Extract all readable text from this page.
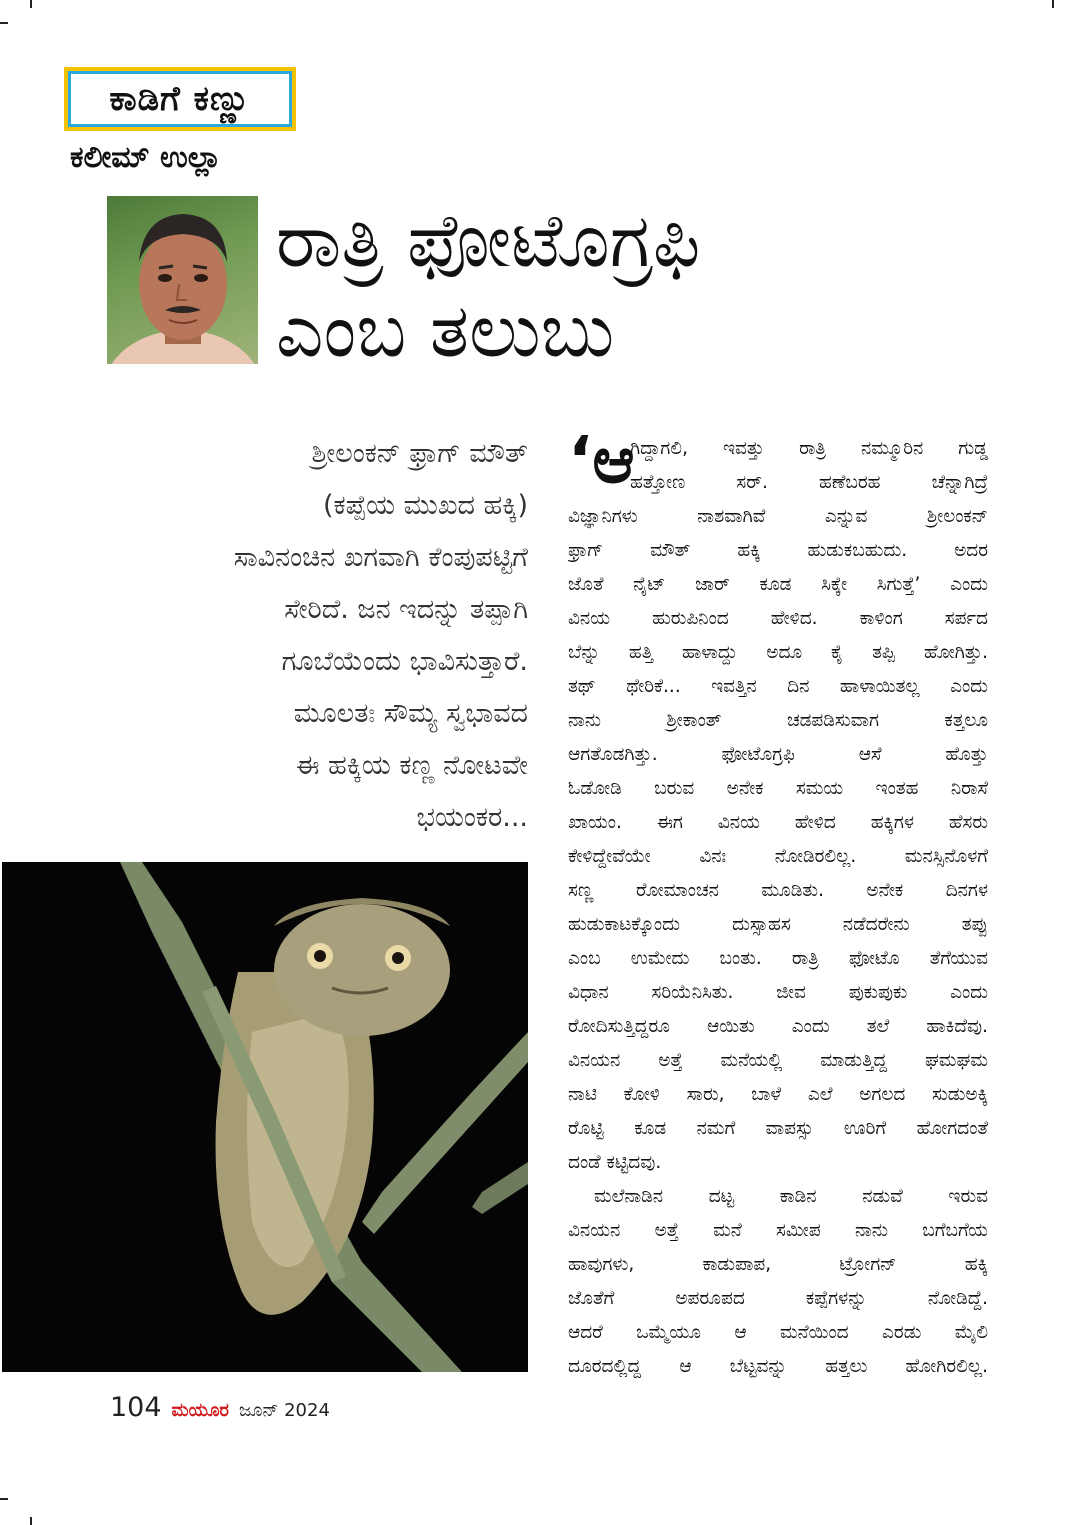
ಕಾಡಿಗೆ ಕಣ್ಣು
ಕಲೀಮ್ ಉಲ್ಲಾ
ರಾತ್ರಿ ಫೋಟೊಗ್ರಫಿ
ಎಂಬ ತಲುಬು
ಶ್ರೀಲಂಕನ್ ಫ್ರಾಗ್ ಮೌತ್
(ಕಪ್ಪೆಯ ಮುಖದ ಹಕ್ಕಿ)
ಸಾವಿನಂಚಿನ ಖಗವಾಗಿ ಕೆಂಪುಪಟ್ಟಿಗೆ
ಸೇರಿದೆ. ಜನ ಇದನ್ನು ತಪ್ಪಾಗಿ
ಗೂಬೆಯೆಂದು ಭಾವಿಸುತ್ತಾರೆ.
ಮೂಲತಃ ಸೌಮ್ಯ ಸ್ವಭಾವದ
ಈ ಹಕ್ಕಿಯ ಕಣ್ಣ ನೋಟವೇ
ಭಯಂಕರ...
‘ಆ
ಗಿದ್ದಾಗಲಿ, ಇವತ್ತು ರಾತ್ರಿ ನಮ್ಮೂರಿನ ಗುಡ್ಡ
ಹತ್ತೋಣ ಸರ್. ಹಣೆಬರಹ ಚೆನ್ನಾಗಿದ್ರೆ
ವಿಜ್ಞಾನಿಗಳು ನಾಶವಾಗಿವೆ ಎನ್ನುವ ಶ್ರೀಲಂಕನ್
ಫ್ರಾಗ್ ಮೌತ್ ಹಕ್ಕಿ ಹುಡುಕಬಹುದು. ಅದರ
ಜೊತೆ ನೈಟ್ ಜಾರ್ ಕೂಡ ಸಿಕ್ಕೇ ಸಿಗುತ್ತೆ’ ಎಂದು
ವಿನಯ ಹುರುಪಿನಿಂದ ಹೇಳಿದ. ಕಾಳಿಂಗ ಸರ್ಪದ
ಬೆನ್ನು ಹತ್ತಿ ಹಾಳಾದ್ದು ಅದೂ ಕೈ ತಪ್ಪಿ ಹೋಗಿತ್ತು.
ತಥ್ ಥೇರಿಕೆ... ಇವತ್ತಿನ ದಿನ ಹಾಳಾಯಿತಲ್ಲ ಎಂದು
ನಾನು ಶ್ರೀಕಾಂತ್ ಚಡಪಡಿಸುವಾಗ ಕತ್ತಲೂ
ಆಗತೊಡಗಿತ್ತು. ಫೋಟೊಗ್ರಫಿ ಆಸೆ ಹೊತ್ತು
ಓಡೋಡಿ ಬರುವ ಅನೇಕ ಸಮಯ ಇಂತಹ ನಿರಾಸೆ
ಖಾಯಂ. ಈಗ ವಿನಯ ಹೇಳಿದ ಹಕ್ಕಿಗಳ ಹೆಸರು
ಕೇಳಿದ್ದೇವೆಯೇ ವಿನಃ ನೋಡಿರಲಿಲ್ಲ. ಮನಸ್ಸಿನೊಳಗೆ
ಸಣ್ಣ ರೋಮಾಂಚನ ಮೂಡಿತು. ಅನೇಕ ದಿನಗಳ
ಹುಡುಕಾಟಕ್ಕೊಂದು ದುಸ್ಸಾಹಸ ನಡೆದರೇನು ತಪ್ಪು
ಎಂಬ ಉಮೇದು ಬಂತು. ರಾತ್ರಿ ಫೋಟೊ ತೆಗೆಯುವ
ವಿಧಾನ ಸರಿಯೆನಿಸಿತು. ಜೀವ ಪುಕುಪುಕು ಎಂದು
ರೋದಿಸುತ್ತಿದ್ದರೂ ಆಯಿತು ಎಂದು ತಲೆ ಹಾಕಿದೆವು.
ವಿನಯನ ಅತ್ತೆ ಮನೆಯಲ್ಲಿ ಮಾಡುತ್ತಿದ್ದ ಘಮಘಮ
ನಾಟಿ ಕೋಳಿ ಸಾರು, ಬಾಳೆ ಎಲೆ ಅಗಲದ ಸುಡುಅಕ್ಕಿ
ರೊಟ್ಟಿ ಕೂಡ ನಮಗೆ ವಾಪಸ್ಸು ಊರಿಗೆ ಹೋಗದಂತೆ
ದಂಡೆ ಕಟ್ಟಿದವು.
ಮಲೆನಾಡಿನ ದಟ್ಟ ಕಾಡಿನ ನಡುವೆ ಇರುವ
ವಿನಯನ ಅತ್ತೆ ಮನೆ ಸಮೀಪ ನಾನು ಬಗೆಬಗೆಯ
ಹಾವುಗಳು, ಕಾಡುಪಾಪ, ಟ್ರೋಗನ್ ಹಕ್ಕಿ
ಜೊತೆಗೆ ಅಪರೂಪದ ಕಪ್ಪೆಗಳನ್ನು ನೋಡಿದ್ದೆ.
ಆದರೆ ಒಮ್ಮೆಯೂ ಆ ಮನೆಯಿಂದ ಎರಡು ಮೈಲಿ
ದೂರದಲ್ಲಿದ್ದ ಆ ಬೆಟ್ಟವನ್ನು ಹತ್ತಲು ಹೋಗಿರಲಿಲ್ಲ.
104 ಮಯೂರ ಜೂನ್ 2024
